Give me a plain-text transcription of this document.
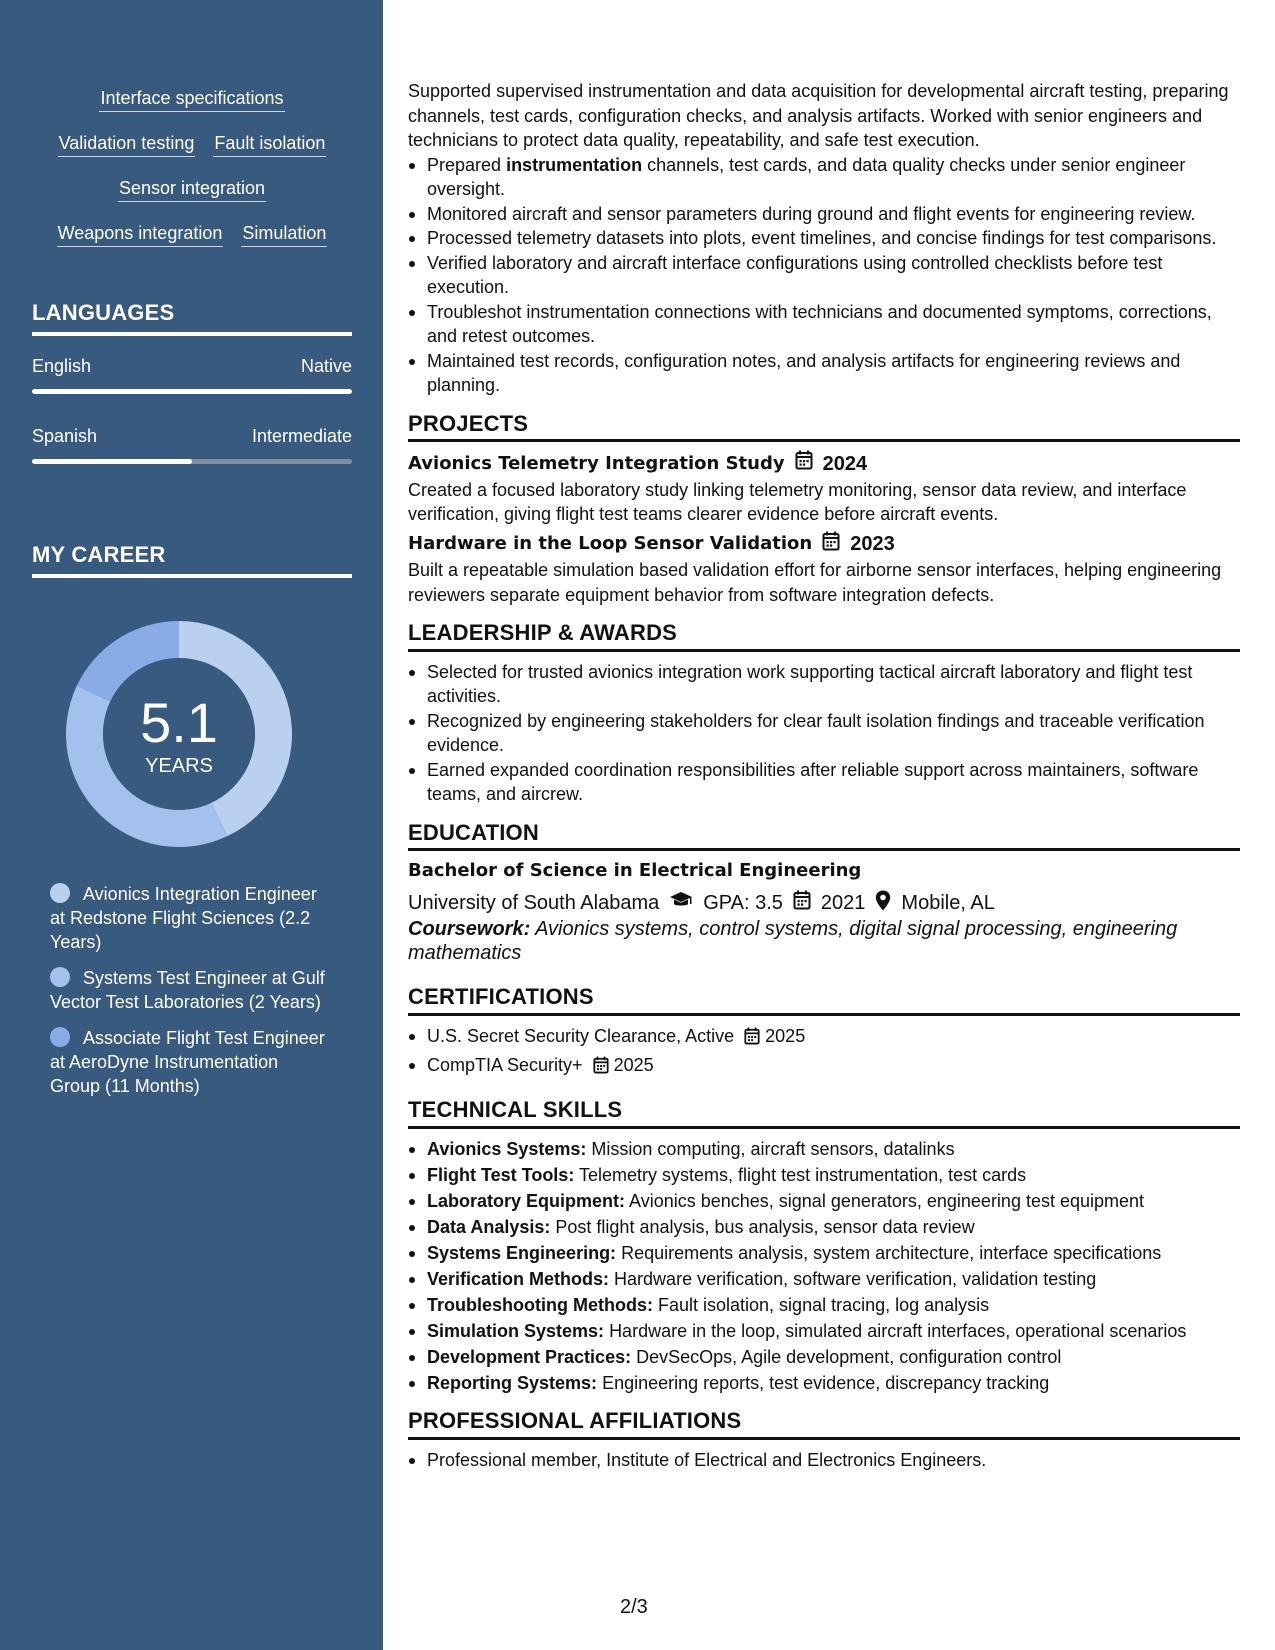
Interface specifications
Validation testing Fault isolation
Sensor integration
Weapons integration Simulation
LANGUAGES
English	Native
Spanish	Intermediate
MY CAREER
5.1
YEARS
Avionics Integration Engineer at Redstone Flight Sciences (2.2 Years)
Systems Test Engineer at Gulf Vector Test Laboratories (2 Years)
Associate Flight Test Engineer at AeroDyne Instrumentation Group (11 Months)

Supported supervised instrumentation and data acquisition for developmental aircraft testing, preparing channels, test cards, configuration checks, and analysis artifacts. Worked with senior engineers and technicians to protect data quality, repeatability, and safe test execution.

Prepared instrumentation channels, test cards, and data quality checks under senior engineer oversight.
Monitored aircraft and sensor parameters during ground and flight events for engineering review.
Processed telemetry datasets into plots, event timelines, and concise findings for test comparisons.
Verified laboratory and aircraft interface configurations using controlled checklists before test execution.
Troubleshot instrumentation connections with technicians and documented symptoms, corrections, and retest outcomes.
Maintained test records, configuration notes, and analysis artifacts for engineering reviews and planning.
PROJECTS
Avionics Telemetry Integration Study 2024

Created a focused laboratory study linking telemetry monitoring, sensor data review, and interface verification, giving flight test teams clearer evidence before aircraft events.

Hardware in the Loop Sensor Validation 2023

Built a repeatable simulation based validation effort for airborne sensor interfaces, helping engineering reviewers separate equipment behavior from software integration defects.

LEADERSHIP & AWARDS
Selected for trusted avionics integration work supporting tactical aircraft laboratory and flight test activities.
Recognized by engineering stakeholders for clear fault isolation findings and traceable verification evidence.
Earned expanded coordination responsibilities after reliable support across maintainers, software teams, and aircrew.
EDUCATION
Bachelor of Science in Electrical Engineering
University of South Alabama GPA: 3.5 2021 Mobile, AL

Coursework: Avionics systems, control systems, digital signal processing, engineering mathematics

CERTIFICATIONS
U.S. Secret Security Clearance, Active 2025
CompTIA Security+ 2025
TECHNICAL SKILLS
Avionics Systems: Mission computing, aircraft sensors, datalinks
Flight Test Tools: Telemetry systems, flight test instrumentation, test cards
Laboratory Equipment: Avionics benches, signal generators, engineering test equipment
Data Analysis: Post flight analysis, bus analysis, sensor data review
Systems Engineering: Requirements analysis, system architecture, interface specifications
Verification Methods: Hardware verification, software verification, validation testing
Troubleshooting Methods: Fault isolation, signal tracing, log analysis
Simulation Systems: Hardware in the loop, simulated aircraft interfaces, operational scenarios
Development Practices: DevSecOps, Agile development, configuration control
Reporting Systems: Engineering reports, test evidence, discrepancy tracking
PROFESSIONAL AFFILIATIONS
Professional member, Institute of Electrical and Electronics Engineers.
2/3
